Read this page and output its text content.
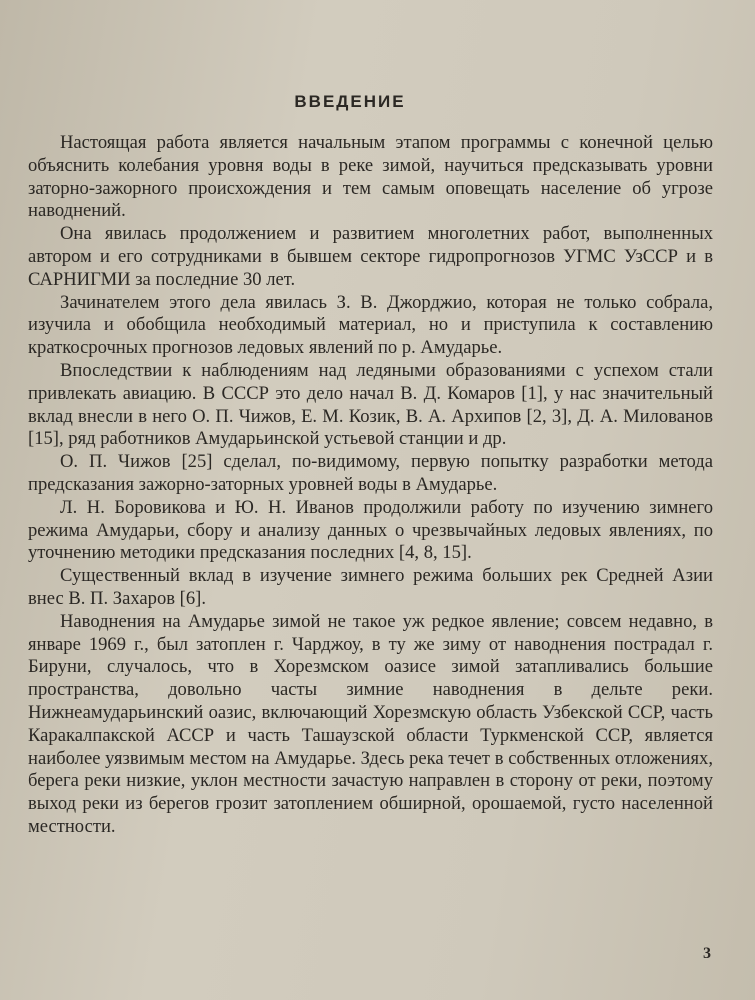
ВВЕДЕНИЕ

Настоящая работа является начальным этапом программы с конечной целью объяснить колебания уровня воды в реке зимой, научиться предсказывать уровни заторно-зажорного происхождения и тем самым оповещать население об угрозе наводнений.

Она явилась продолжением и развитием многолетних работ, выполненных автором и его сотрудниками в бывшем секторе гидропрогнозов УГМС УзССР и в САРНИГМИ за последние 30 лет.

Зачинателем этого дела явилась З. В. Джорджио, которая не только собрала, изучила и обобщила необходимый материал, но и приступила к составлению краткосрочных прогнозов ледовых явлений по р. Амударье.

Впоследствии к наблюдениям над ледяными образованиями с успехом стали привлекать авиацию. В СССР это дело начал В. Д. Комаров [1], у нас значительный вклад внесли в него О. П. Чижов, Е. М. Козик, В. А. Архипов [2, 3], Д. А. Милованов [15], ряд работников Амударьинской устьевой станции и др.

О. П. Чижов [25] сделал, по-видимому, первую попытку разработки метода предсказания зажорно-заторных уровней воды в Амударье.

Л. Н. Боровикова и Ю. Н. Иванов продолжили работу по изучению зимнего режима Амударьи, сбору и анализу данных о чрезвычайных ледовых явлениях, по уточнению методики предсказания последних [4, 8, 15].

Существенный вклад в изучение зимнего режима больших рек Средней Азии внес В. П. Захаров [6].

Наводнения на Амударье зимой не такое уж редкое явление; совсем недавно, в январе 1969 г., был затоплен г. Чарджоу, в ту же зиму от наводнения пострадал г. Бируни, случалось, что в Хорезмском оазисе зимой затапливались большие пространства, довольно часты зимние наводнения в дельте реки. Нижнеамударьинский оазис, включающий Хорезмскую область Узбекской ССР, часть Каракалпакской АССР и часть Ташаузской области Туркменской ССР, является наиболее уязвимым местом на Амударье. Здесь река течет в собственных отложениях, берега реки низкие, уклон местности зачастую направлен в сторону от реки, поэтому выход реки из берегов грозит затоплением обширной, орошаемой, густо населенной местности.

3
